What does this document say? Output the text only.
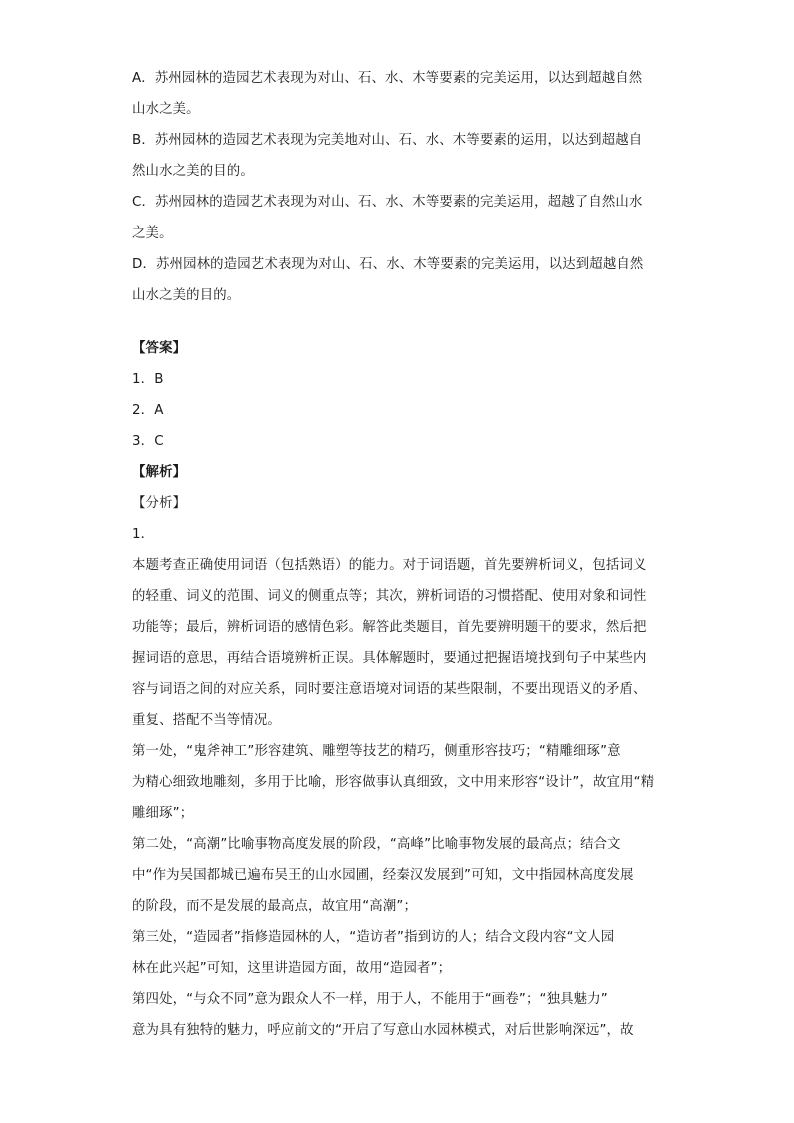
A．苏州园林的造园艺术表现为对山、石、水、木等要素的完美运用，以达到超越自然
山水之美。
B．苏州园林的造园艺术表现为完美地对山、石、水、木等要素的运用，以达到超越自
然山水之美的目的。
C．苏州园林的造园艺术表现为对山、石、水、木等要素的完美运用，超越了自然山水
之美。
D．苏州园林的造园艺术表现为对山、石、水、木等要素的完美运用，以达到超越自然
山水之美的目的。
【答案】
1．B
2．A
3．C
【解析】
【分析】
1．
本题考查正确使用词语（包括熟语）的能力。对于词语题，首先要辨析词义，包括词义
的轻重、词义的范围、词义的侧重点等；其次，辨析词语的习惯搭配、使用对象和词性
功能等；最后，辨析词语的感情色彩。解答此类题目，首先要辨明题干的要求，然后把
握词语的意思，再结合语境辨析正误。具体解题时，要通过把握语境找到句子中某些内
容与词语之间的对应关系，同时要注意语境对词语的某些限制，不要出现语义的矛盾、
重复、搭配不当等情况。
第一处，“鬼斧神工”形容建筑、雕塑等技艺的精巧，侧重形容技巧；“精雕细琢”意
为精心细致地雕刻，多用于比喻，形容做事认真细致，文中用来形容“设计”，故宜用“精
雕细琢”；
第二处，“高潮”比喻事物高度发展的阶段，“高峰”比喻事物发展的最高点；结合文
中“作为吴国都城已遍布吴王的山水园圃，经秦汉发展到”可知，文中指园林高度发展
的阶段，而不是发展的最高点，故宜用“高潮”；
第三处，“造园者”指修造园林的人，“造访者”指到访的人；结合文段内容“文人园
林在此兴起”可知，这里讲造园方面，故用“造园者”；
第四处，“与众不同”意为跟众人不一样，用于人，不能用于“画卷”；“独具魅力”
意为具有独特的魅力，呼应前文的“开启了写意山水园林模式，对后世影响深远”，故
